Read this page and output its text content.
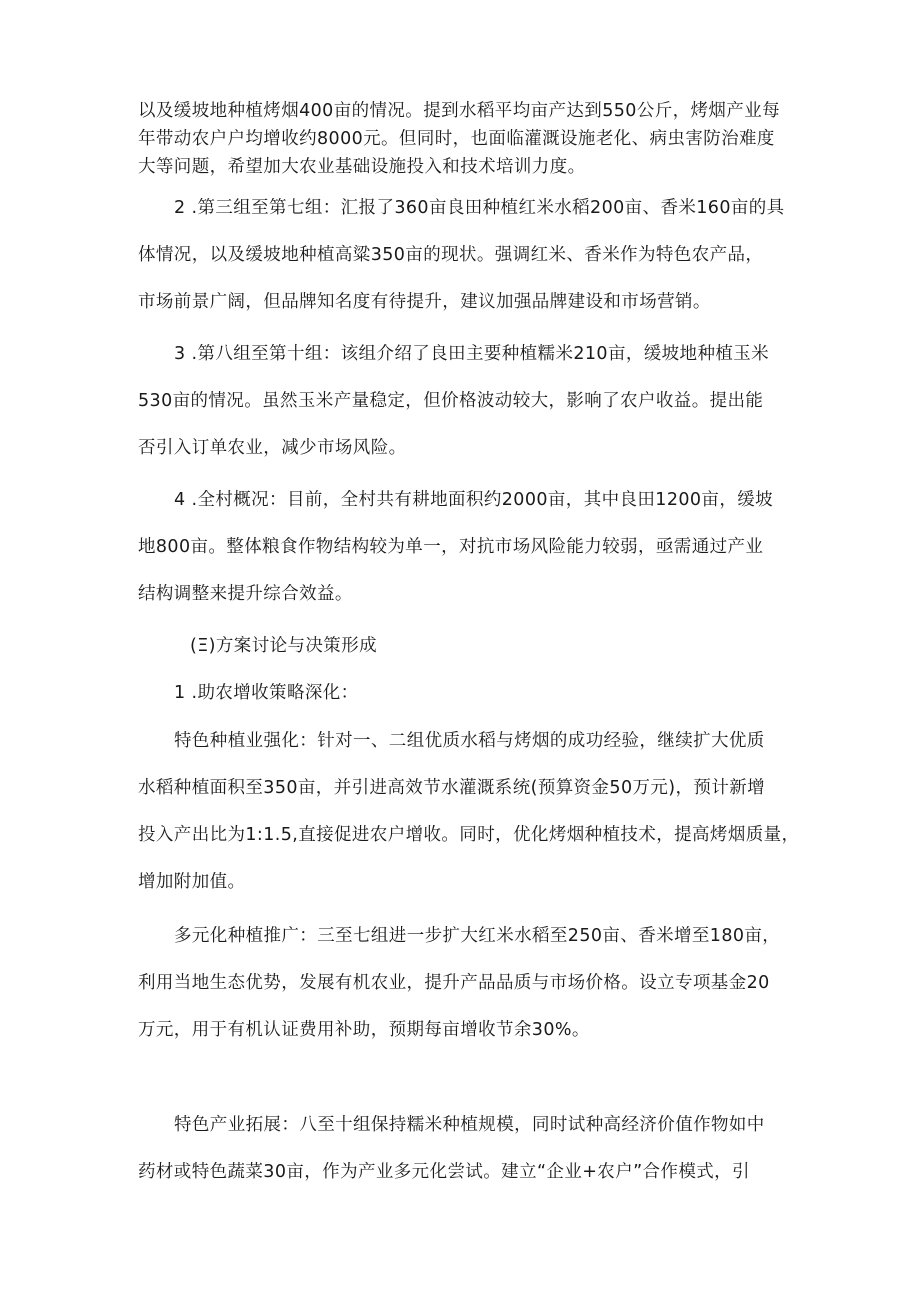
以及缓坡地种植烤烟400亩的情况。提到水稻平均亩产达到550公斤，烤烟产业每
年带动农户户均增收约8000元。但同时，也面临灌溉设施老化、病虫害防治难度
大等问题，希望加大农业基础设施投入和技术培训力度。
2 .第三组至第七组：汇报了360亩良田种植红米水稻200亩、香米160亩的具
体情况，以及缓坡地种植高粱350亩的现状。强调红米、香米作为特色农产品，
市场前景广阔，但品牌知名度有待提升，建议加强品牌建设和市场营销。
3 .第八组至第十组：该组介绍了良田主要种植糯米210亩，缓坡地种植玉米
530亩的情况。虽然玉米产量稳定，但价格波动较大，影响了农户收益。提出能
否引入订单农业，减少市场风险。
4 .全村概况：目前，全村共有耕地面积约2000亩，其中良田1200亩，缓坡
地800亩。整体粮食作物结构较为单一，对抗市场风险能力较弱，亟需通过产业
结构调整来提升综合效益。
(Ξ)方案讨论与决策形成
1 .助农增收策略深化：
特色种植业强化：针对一、二组优质水稻与烤烟的成功经验，继续扩大优质
水稻种植面积至350亩，并引进高效节水灌溉系统(预算资金50万元)，预计新增
投入产出比为1:1.5,直接促进农户增收。同时，优化烤烟种植技术，提高烤烟质量，
增加附加值。
多元化种植推广：三至七组进一步扩大红米水稻至250亩、香米增至180亩，
利用当地生态优势，发展有机农业，提升产品品质与市场价格。设立专项基金20
万元，用于有机认证费用补助，预期每亩增收节余30%。
特色产业拓展：八至十组保持糯米种植规模，同时试种高经济价值作物如中
药材或特色蔬菜30亩，作为产业多元化尝试。建立“企业+农户”合作模式，引
